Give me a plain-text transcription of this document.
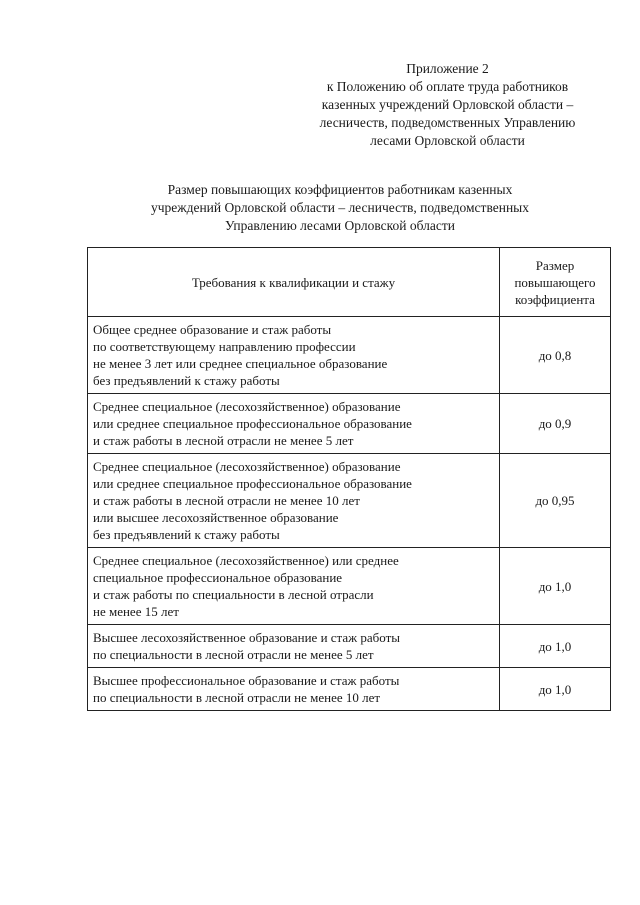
Приложение 2
к Положению об оплате труда работников
казенных учреждений Орловской области –
лесничеств, подведомственных Управлению
лесами Орловской области
Размер повышающих коэффициентов работникам казенных
учреждений Орловской области – лесничеств, подведомственных
Управлению лесами Орловской области
Требования к квалификации и стажу	Размер
повышающего
коэффициента

Общее среднее образование и стаж работы
по соответствующему направлению профессии
не менее 3 лет или среднее специальное образование
без предъявлений к стажу работы	до 0,8

Среднее специальное (лесохозяйственное) образование
или среднее специальное профессиональное образование
и стаж работы в лесной отрасли не менее 5 лет	до 0,9

Среднее специальное (лесохозяйственное) образование
или среднее специальное профессиональное образование
и стаж работы в лесной отрасли не менее 10 лет
или высшее лесохозяйственное образование
без предъявлений к стажу работы	до 0,95

Среднее специальное (лесохозяйственное) или среднее
специальное профессиональное образование
и стаж работы по специальности в лесной отрасли
не менее 15 лет	до 1,0

Высшее лесохозяйственное образование и стаж работы
по специальности в лесной отрасли не менее 5 лет	до 1,0

Высшее профессиональное образование и стаж работы
по специальности в лесной отрасли не менее 10 лет	до 1,0
